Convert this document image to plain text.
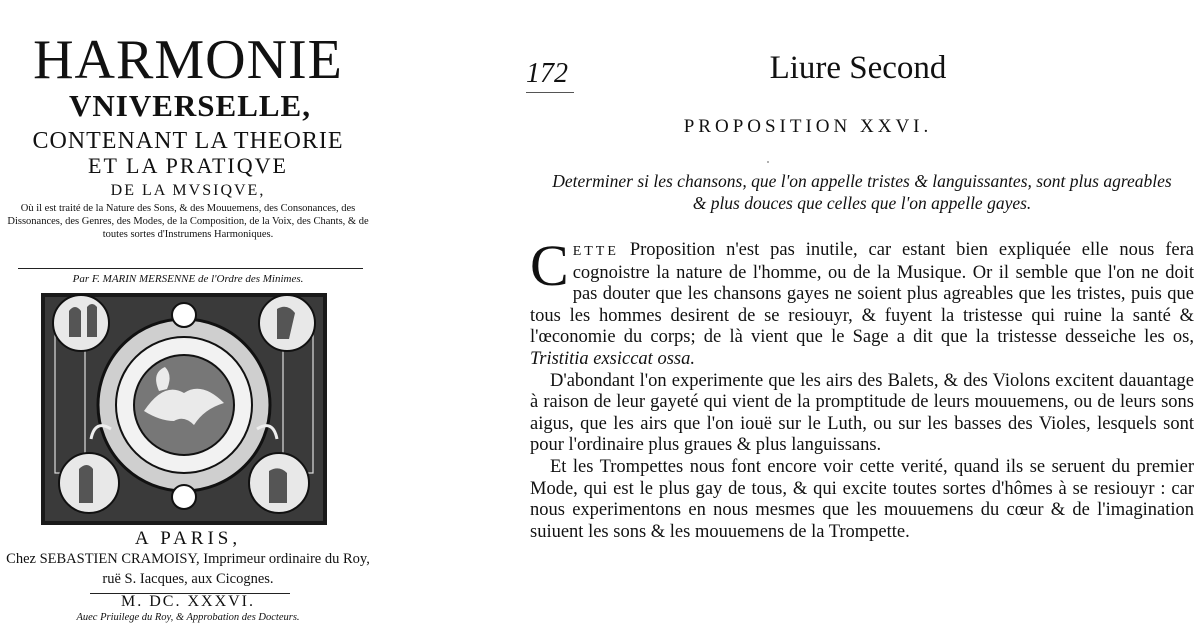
HARMONIE
VNIVERSELLE,
CONTENANT LA THEORIE
ET LA PRATIQVE
DE LA MVSIQVE,
Où il est traité de la Nature des Sons, & des Mouuemens, des Consonances, des Dissonances, des Genres, des Modes, de la Composition, de la Voix, des Chants, & de toutes sortes d'Instrumens Harmoniques.
Par F. MARIN MERSENNE de l'Ordre des Minimes.
A PARIS,
Chez SEBASTIEN CRAMOISY, Imprimeur ordinaire du Roy,
ruë S. Iacques, aux Cicognes.
M. DC. XXXVI.
Auec Priuilege du Roy, & Approbation des Docteurs.
172	Liure Second
PROPOSITION XXVI.
Determiner si les chansons, que l'on appelle tristes & languissantes, sont plus agreables
& plus douces que celles que l'on appelle gayes.

CETTE Proposition n'est pas inutile, car estant bien expliquée elle nous fera cognoistre la nature de l'homme, ou de la Musique. Or il semble que l'on ne doit pas douter que les chansons gayes ne soient plus agreables que les tristes, puis que tous les hommes desirent de se resiouyr, & fuyent la tristesse qui ruine la santé & l'œconomie du corps; de là vient que le Sage a dit que la tristesse desseiche les os, Tristitia exsiccat ossa.

D'abondant l'on experimente que les airs des Balets, & des Violons excitent dauantage à raison de leur gayeté qui vient de la promptitude de leurs mouuemens, ou de leurs sons aigus, que les airs que l'on iouë sur le Luth, ou sur les basses des Violes, lesquels sont pour l'ordinaire plus graues & plus languissans.

Et les Trompettes nous font encore voir cette verité, quand ils se seruent du premier Mode, qui est le plus gay de tous, & qui excite toutes sortes d'hômes à se resiouyr : car nous experimentons en nous mesmes que les mouuemens du cœur & de l'imagination suiuent les sons & les mouuemens de la Trompette.
